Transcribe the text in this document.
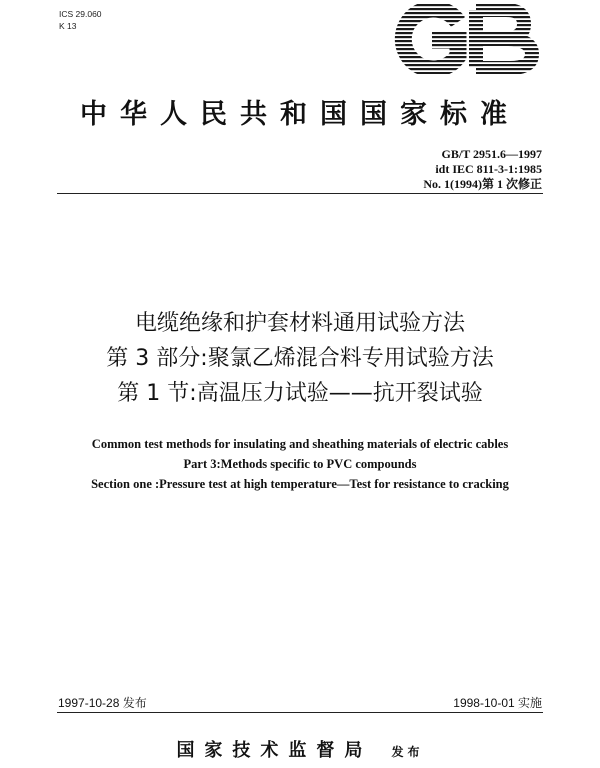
ICS 29.060
K 13
中华人民共和国国家标准
GB/T 2951.6—1997
idt IEC 811-3-1:1985
No. 1(1994)第 1 次修正
电缆绝缘和护套材料通用试验方法
第 3 部分:聚氯乙烯混合料专用试验方法
第 1 节:高温压力试验——抗开裂试验
Common test methods for insulating and sheathing materials of electric cables
Part 3:Methods specific to PVC compounds
Section one :Pressure test at high temperature—Test for resistance to cracking
1997-10-28 发布	1998-10-01 实施
国家技术监督局 发布
